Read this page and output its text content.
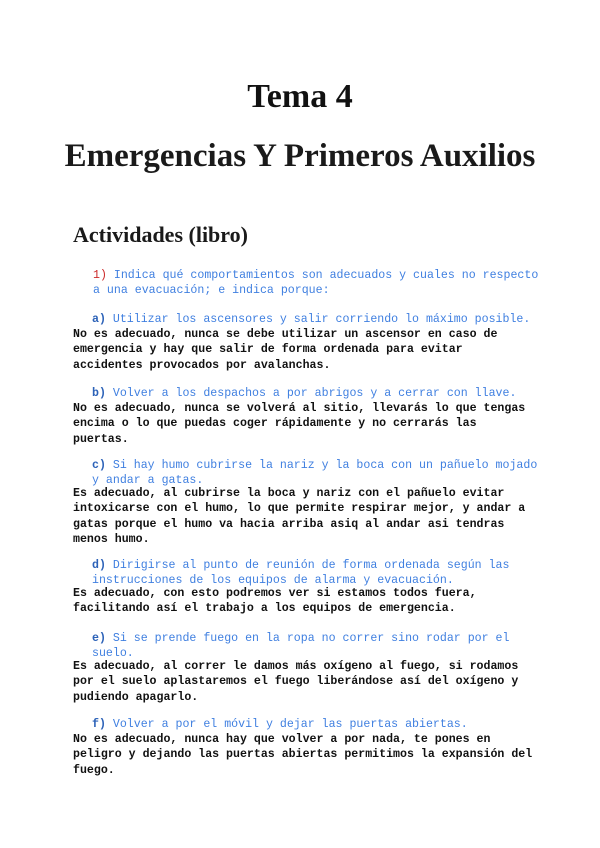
Tema 4
Emergencias Y Primeros Auxilios
Actividades (libro)
1) Indica qué comportamientos son adecuados y cuales no respecto
a una evacuación; e indica porque:
a) Utilizar los ascensores y salir corriendo lo máximo posible.
No es adecuado, nunca se debe utilizar un ascensor en caso de
emergencia y hay que salir de forma ordenada para evitar
accidentes provocados por avalanchas.
b) Volver a los despachos a por abrigos y a cerrar con llave.
No es adecuado, nunca se volverá al sitio, llevarás lo que tengas
encima o lo que puedas coger rápidamente y no cerrarás las
puertas.
c) Si hay humo cubrirse la nariz y la boca con un pañuelo mojado
y andar a gatas.
Es adecuado, al cubrirse la boca y nariz con el pañuelo evitar
intoxicarse con el humo, lo que permite respirar mejor, y andar a
gatas porque el humo va hacia arriba asiq al andar asi tendras
menos humo.
d) Dirigirse al punto de reunión de forma ordenada según las
instrucciones de los equipos de alarma y evacuación.
Es adecuado, con esto podremos ver si estamos todos fuera,
facilitando así el trabajo a los equipos de emergencia.
e) Si se prende fuego en la ropa no correr sino rodar por el
suelo.
Es adecuado, al correr le damos más oxígeno al fuego, si rodamos
por el suelo aplastaremos el fuego liberándose así del oxígeno y
pudiendo apagarlo.
f) Volver a por el móvil y dejar las puertas abiertas.
No es adecuado, nunca hay que volver a por nada, te pones en
peligro y dejando las puertas abiertas permitimos la expansión del
fuego.
